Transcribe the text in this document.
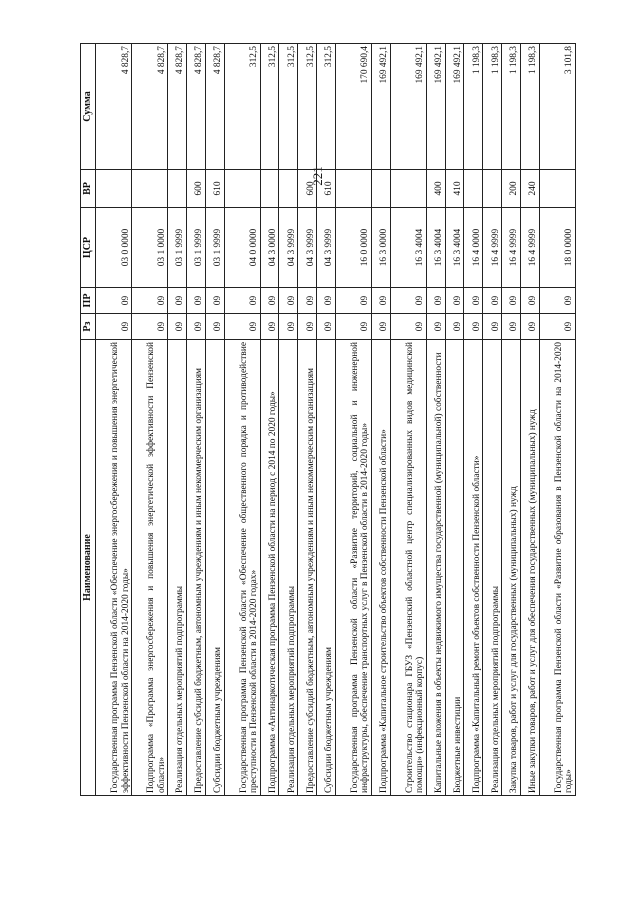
221
Наименование	Рз	ПР	ЦСР	ВР	Сумма
Государственная программа Пензенской области «Обеспечение энергосбережения и повышения энергетической эффективности Пензенской области на 2014-2020 годы»	09	09	03 0 0000		4 828,7
Подпрограмма «Программа энергосбережения и повышения энергетической эффективности Пензенской области»	09	09	03 1 0000		4 828,7
Реализация отдельных мероприятий подпрограммы	09	09	03 1 9999		4 828,7
Предоставление субсидий бюджетным, автономным учреждениям и иным некоммерческим организациям	09	09	03 1 9999	600	4 828,7
Субсидии бюджетным учреждениям	09	09	03 1 9999	610	4 828,7
Государственная программа Пензенской области «Обеспечение общественного порядка и противодействие преступности в Пензенской области в 2014-2020 годах»	09	09	04 0 0000		312,5
Подпрограмма «Антинаркотическая программа Пензенской области на период с 2014 по 2020 годы»	09	09	04 3 0000		312,5
Реализация отдельных мероприятий подпрограммы	09	09	04 3 9999		312,5
Предоставление субсидий бюджетным, автономным учреждениям и иным некоммерческим организациям	09	09	04 3 9999	600	312,5
Субсидии бюджетным учреждениям	09	09	04 3 9999	610	312,5
Государственная программа Пензенской области «Развитие территорий, социальной и инженерной инфраструктуры, обеспечение транспортных услуг в Пензенской области в 2014-2020 годы»	09	09	16 0 0000		170 690,4
Подпрограмма «Капитальное строительство объектов собственности Пензенской области»	09	09	16 3 0000		169 492,1
Строительство стационара ГБУЗ «Пензенский областной центр специализированных видов медицинской помощи» (инфекционный корпус)	09	09	16 3 4004		169 492,1
Капитальные вложения в объекты недвижимого имущества государственной (муниципальной) собственности	09	09	16 3 4004	400	169 492,1
Бюджетные инвестиции	09	09	16 3 4004	410	169 492,1
Подпрограмма «Капитальный ремонт объектов собственности Пензенской области»	09	09	16 4 0000		1 198,3
Реализация отдельных мероприятий подпрограммы	09	09	16 4 9999		1 198,3
Закупка товаров, работ и услуг для государственных (муниципальных) нужд	09	09	16 4 9999	200	1 198,3
Иные закупки товаров, работ и услуг для обеспечения государственных (муниципальных) нужд	09	09	16 4 9999	240	1 198,3
Государственная программа Пензенской области «Развитие образования в Пензенской области на 2014-2020 годы»	09	09	18 0 0000		3 101,8
